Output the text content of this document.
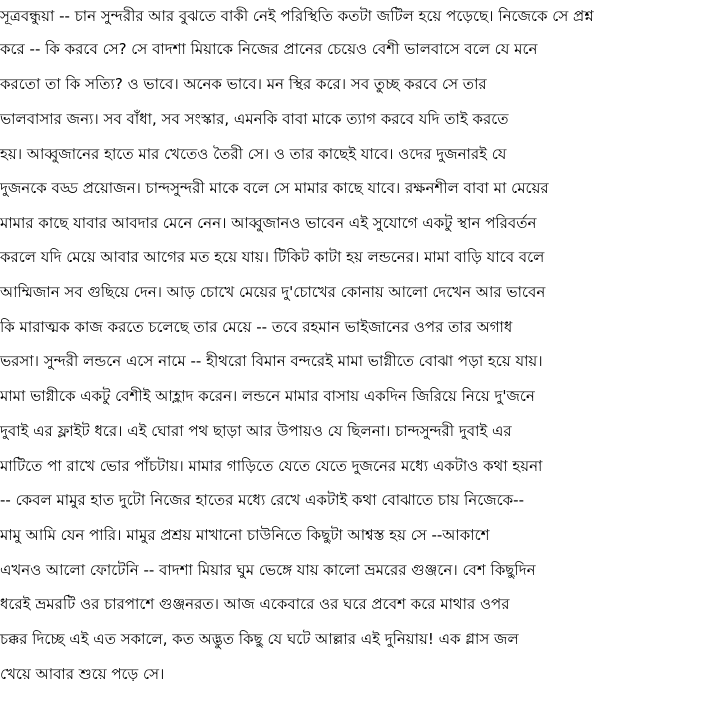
সূত্রবন্ধুয়া -- চান সুন্দরীর আর বুঝতে বাকী নেই পরিস্থিতি কতটা জটিল হয়ে পড়েছে। নিজেকে সে প্রশ্ন
করে -- কি করবে সে? সে বাদশা মিয়াকে নিজের প্রানের চেয়েও বেশী ভালবাসে বলে যে মনে
করতো তা কি সত্যি? ও ভাবে। অনেক ভাবে। মন স্থির করে। সব তুচ্ছ করবে সে তার
ভালবাসার জন্য। সব বাঁধা, সব সংস্কার, এমনকি বাবা মাকে ত্যাগ করবে যদি তাই করতে
হয়। আব্বুজানের হাতে মার খেতেও তৈরী সে। ও তার কাছেই যাবে। ওদের দুজনারই যে
দুজনকে বড্ড প্রয়োজন। চান্দসুন্দরী মাকে বলে সে মামার কাছে যাবে। রক্ষনশীল বাবা মা মেয়ের
মামার কাছে যাবার আবদার মেনে নেন। আব্বুজানও ভাবেন এই সুযোগে একটু স্থান পরিবর্তন
করলে যদি মেয়ে আবার আগের মত হয়ে যায়। টিকিট কাটা হয় লন্ডনের। মামা বাড়ি যাবে বলে
আম্মিজান সব গুছিয়ে দেন। আড় চোখে মেয়ের দু'চোখের কোনায় আলো দেখেন আর ভাবেন
কি মারাত্মক কাজ করতে চলেছে তার মেয়ে -- তবে রহমান ভাইজানের ওপর তার অগাধ
ভরসা। সুন্দরী লন্ডনে এসে নামে -- হীথরো বিমান বন্দরেই মামা ভাগ্নীতে বোঝা পড়া হয়ে যায়।
মামা ভাগ্নীকে একটু বেশীই আহ্লাদ করেন। লন্ডনে মামার বাসায় একদিন জিরিয়ে নিয়ে দু'জনে
দুবাই এর ফ্লাইট ধরে। এই ঘোরা পথ ছাড়া আর উপায়ও যে ছিলনা। চান্দসুন্দরী দুবাই এর
মাটিতে পা রাখে ভোর পাঁচটায়। মামার গাড়িতে যেতে যেতে দুজনের মধ্যে একটাও কথা হয়না
-- কেবল মামুর হাত দুটো নিজের হাতের মধ্যে রেখে একটাই কথা বোঝাতে চায় নিজেকে--
মামু আমি যেন পারি। মামুর প্রশ্রয় মাখানো চাউনিতে কিছুটা আশ্বস্ত হয় সে --আকাশে
এখনও আলো ফোটেনি -- বাদশা মিয়ার ঘুম ভেঙ্গে যায় কালো ভ্রমরের গুঞ্জনে। বেশ কিছুদিন
ধরেই ভ্রমরটি ওর চারপাশে গুঞ্জনরত। আজ একেবারে ওর ঘরে প্রবেশ করে মাথার ওপর
চক্কর দিচ্ছে এই এত সকালে, কত অদ্ভুত কিছু যে ঘটে আল্লার এই দুনিয়ায়! এক গ্লাস জল
খেয়ে আবার শুয়ে পড়ে সে।
